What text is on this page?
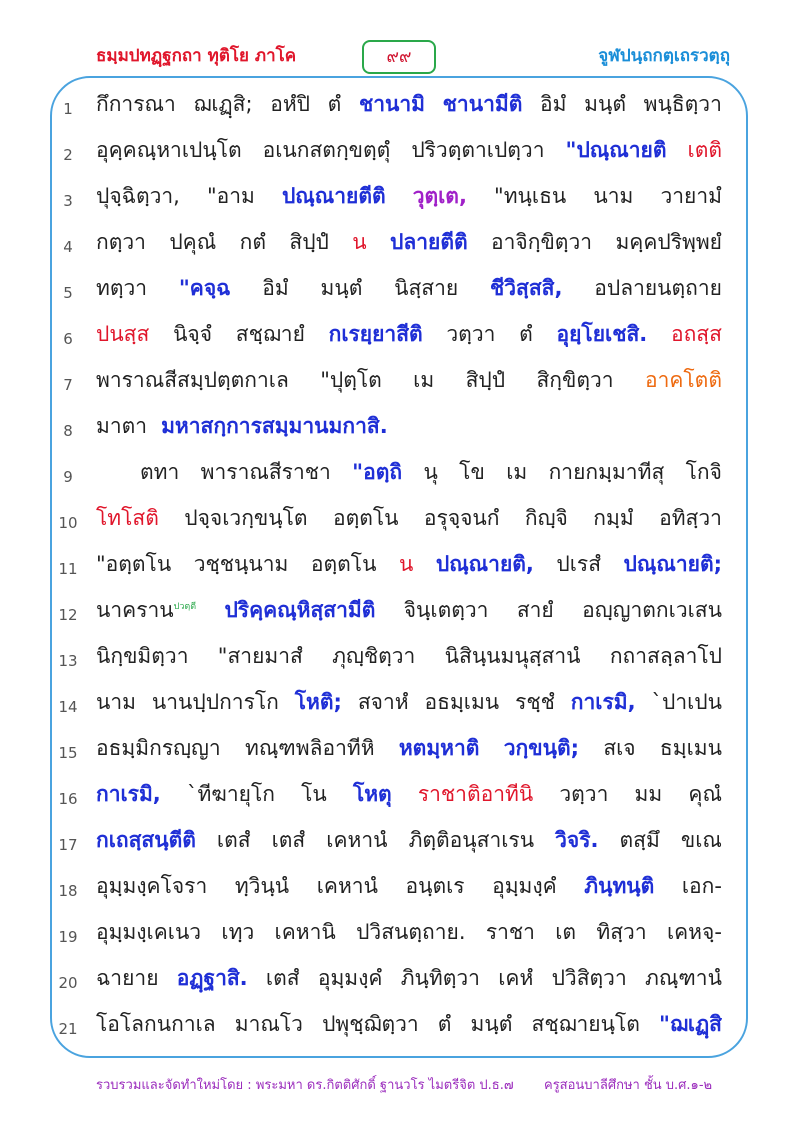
ธมฺมปทฏฺฐกถา ทุติโย ภาโค	๙๙	จูฬปนฺถกตฺเถรวตฺถุ
1	กึการณา ฌเฏฺสิ; อหํปิ ตํ ชานามิ ชานามีติ อิมํ มนฺตํ พนฺธิตฺวา
2	อุคฺคณฺหาเปนฺโต อเนกสตกฺขตฺตุํ ปริวตฺตาเปตฺวา "ปณฺณายติ เตติ
3	ปุจฺฉิตฺวา, "อาม ปณฺณายตีติ วุตฺเต, "ทนฺเธน นาม วายามํ
4	กตฺวา ปคุณํ กตํ สิปฺปํ น ปลายตีติ อาจิกฺขิตฺวา มคฺคปริพฺพยํ
5	ทตฺวา "คจฺฉ อิมํ มนฺตํ นิสฺสาย ชีวิสฺสสิ, อปลายนตฺถาย
6	ปนสฺส นิจฺจํ สชฺฌายํ กเรยฺยาสีติ วตฺวา ตํ อุยฺโยเชสิ. อถสฺส
7	พาราณสีสมฺปตฺตกาเล "ปุตฺโต เม สิปฺปํ สิกฺขิตฺวา อาคโตติ
8	มาตา มหาสกฺการสมฺมานมกาสิ.
9	ตทา พาราณสีราชา "อตฺถิ นุ โข เม กายกมฺมาทีสุ โกจิ
10 โทโสติ ปจฺจเวกฺขนฺโต อตฺตโน อรุจฺจนกํ กิญฺจิ กมฺมํ อทิสฺวา
11 "อตฺตโน วชฺชนฺนาม อตฺตโน น ปณฺณายติ, ปเรสํ ปณฺณายติ;
12 นาคราน$^{ปวตฺตี}$ ปริคฺคณฺหิสฺสามีติ จินฺเตตฺวา สายํ อญฺญาตกเวเสน
13 นิกฺขมิตฺวา "สายมาสํ ภุญฺชิตฺวา นิสินฺนมนุสฺสานํ กถาสลฺลาโป
14 นาม นานปฺปการโก โหติ; สจาหํ อธมฺเมน รชฺชํ กาเรมิ, `ปาเปน
15 อธมฺมิกรญฺญา ทณฺฑพลิอาทีหิ หตมฺหาติ วกฺขนฺติ; สเจ ธมฺเมน
16 กาเรมิ, `ทีฆายุโก โน โหตุ ราชาติอาทีนิ วตฺวา มม คุณํ
17 กเถสฺสนฺตีติ เตสํ เตสํ เคหานํ ภิตฺติอนุสาเรน วิจริ. ตสฺมึ ขเณ
18 อุมฺมงฺคโจรา ทฺวินฺนํ เคหานํ อนฺตเร อุมฺมงฺคํ ภินฺทนฺติ เอก-
19 อุมฺมงฺเคเนว เทฺว เคหานิ ปวิสนตฺถาย. ราชา เต ทิสฺวา เคหจฺ-
20 ฉายาย อฏฺฐาสิ. เตสํ อุมฺมงฺคํ ภินฺทิตฺวา เคหํ ปวิสิตฺวา ภณฺฑานํ
21 โอโลกนกาเล มาณโว ปพุชฺฌิตฺวา ตํ มนฺตํ สชฺฌายนฺโต "ฌเฏฺสิ
รวบรวมและจัดทำใหม่โดย : พระมหา ดร.กิตติศักดิ์ ฐานวโร ไมตรีจิต ป.ธ.๗ ครูสอนบาลีศึกษา ชั้น บ.ศ.๑-๒
